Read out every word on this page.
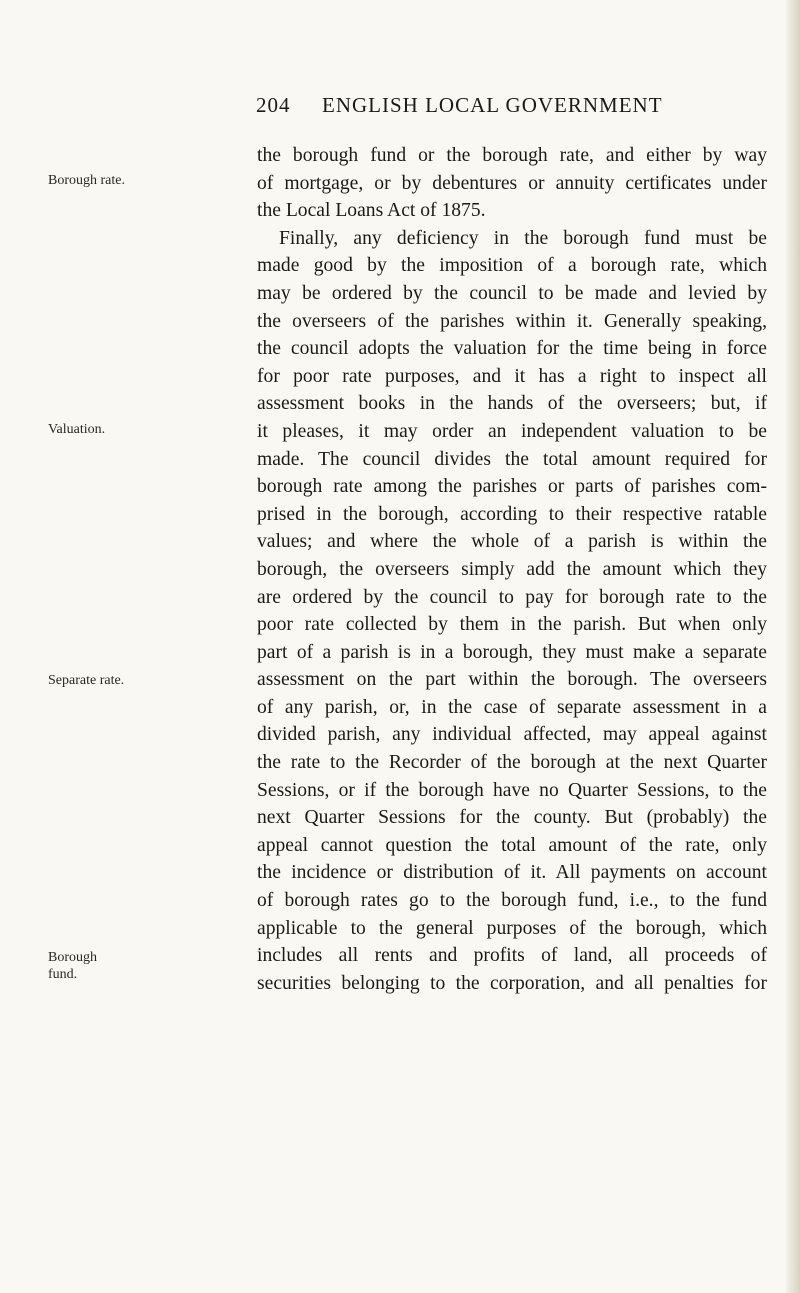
204 ENGLISH LOCAL GOVERNMENT
Borough rate.
Valuation.
Separate rate.
Borough fund.
the borough fund or the borough rate, and either by way
of mortgage, or by debentures or annuity certificates under
the Local Loans Act of 1875.
Finally, any deficiency in the borough fund must be
made good by the imposition of a borough rate, which
may be ordered by the council to be made and levied by
the overseers of the parishes within it. Generally speaking,
the council adopts the valuation for the time being in force
for poor rate purposes, and it has a right to inspect all
assessment books in the hands of the overseers; but, if
it pleases, it may order an independent valuation to be
made. The council divides the total amount required for
borough rate among the parishes or parts of parishes com-
prised in the borough, according to their respective ratable
values; and where the whole of a parish is within the
borough, the overseers simply add the amount which they
are ordered by the council to pay for borough rate to the
poor rate collected by them in the parish. But when only
part of a parish is in a borough, they must make a separate
assessment on the part within the borough. The overseers
of any parish, or, in the case of separate assessment in a
divided parish, any individual affected, may appeal against
the rate to the Recorder of the borough at the next Quarter
Sessions, or if the borough have no Quarter Sessions, to the
next Quarter Sessions for the county. But (probably) the
appeal cannot question the total amount of the rate, only
the incidence or distribution of it. All payments on account
of borough rates go to the borough fund, i.e., to the fund
applicable to the general purposes of the borough, which
includes all rents and profits of land, all proceeds of
securities belonging to the corporation, and all penalties for
